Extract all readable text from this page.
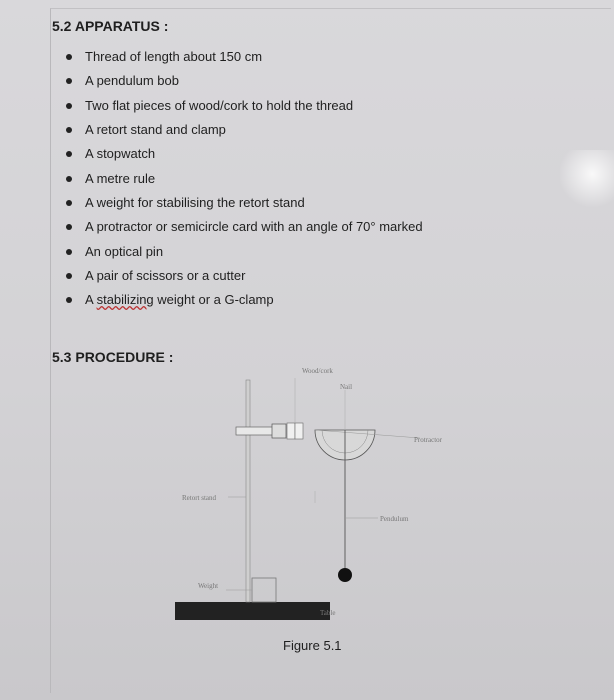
5.2 APPARATUS :
Thread of length about 150 cm
A pendulum bob
Two flat pieces of wood/cork to hold the thread
A retort stand and clamp
A stopwatch
A metre rule
A weight for stabilising the retort stand
A protractor or semicircle card with an angle of 70° marked
An optical pin
A pair of scissors or a cutter
A stabilizing weight or a G-clamp
5.3 PROCEDURE :
Wood/cork
Nail
Protractor
Retort stand
Pendulum
Weight
Table
Figure 5.1
